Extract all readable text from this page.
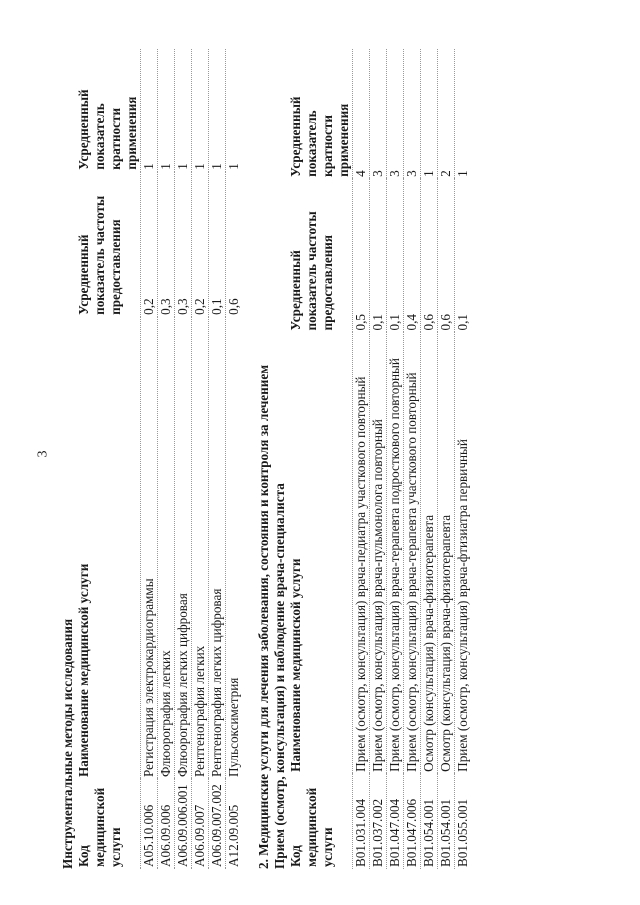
3
Инструментальные методы исследования Код медицинской услуги	Наименование медицинской услуги	Усредненный показатель частоты предоставления	Усредненный показатель кратности применения
A05.10.006	Регистрация электрокардиограммы	0,2	1
A06.09.006	Флюорография легких	0,3	1
A06.09.006.001	Флюорография легких цифровая	0,3	1
A06.09.007	Рентгенография легких	0,2	1
A06.09.007.002	Рентгенография легких цифровая	0,1	1
A12.09.005	Пульсоксиметрия	0,6	1
2. Медицинские услуги для лечения заболевания, состояния и контроля за лечением Прием (осмотр, консультация) и наблюдение врача-специалиста Код медицинской услуги	Наименование медицинской услуги	Усредненный показатель частоты предоставления	Усредненный показатель кратности применения
B01.031.004	Прием (осмотр, консультация) врача-педиатра участкового повторный	0,5	4
B01.037.002	Прием (осмотр, консультация) врача-пульмонолога повторный	0,1	3
B01.047.004	Прием (осмотр, консультация) врача-терапевта подросткового повторный	0,1	3
B01.047.006	Прием (осмотр, консультация) врача-терапевта участкового повторный	0,4	3
B01.054.001	Осмотр (консультация) врача-физиотерапевта	0,6	1
B01.054.001	Осмотр (консультация) врача-физиотерапевта	0,6	2
B01.055.001	Прием (осмотр, консультация) врача-фтизиатра первичный	0,1	1
